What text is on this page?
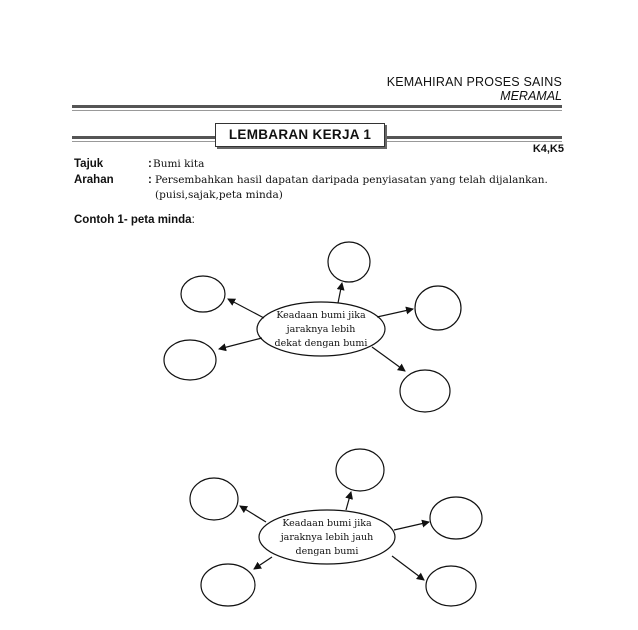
KEMAHIRAN PROSES SAINS
MERAMAL
LEMBARAN KERJA 1
K4,K5
Tajuk	: Bumi kita
Arahan	: Persembahkan hasil dapatan daripada penyiasatan yang telah dijalankan.
(puisi,sajak,peta minda)
Contoh 1- peta minda:
Keadaan bumi jika
jaraknya lebih
dekat dengan bumi
Keadaan bumi jika
jaraknya lebih jauh
dengan bumi
